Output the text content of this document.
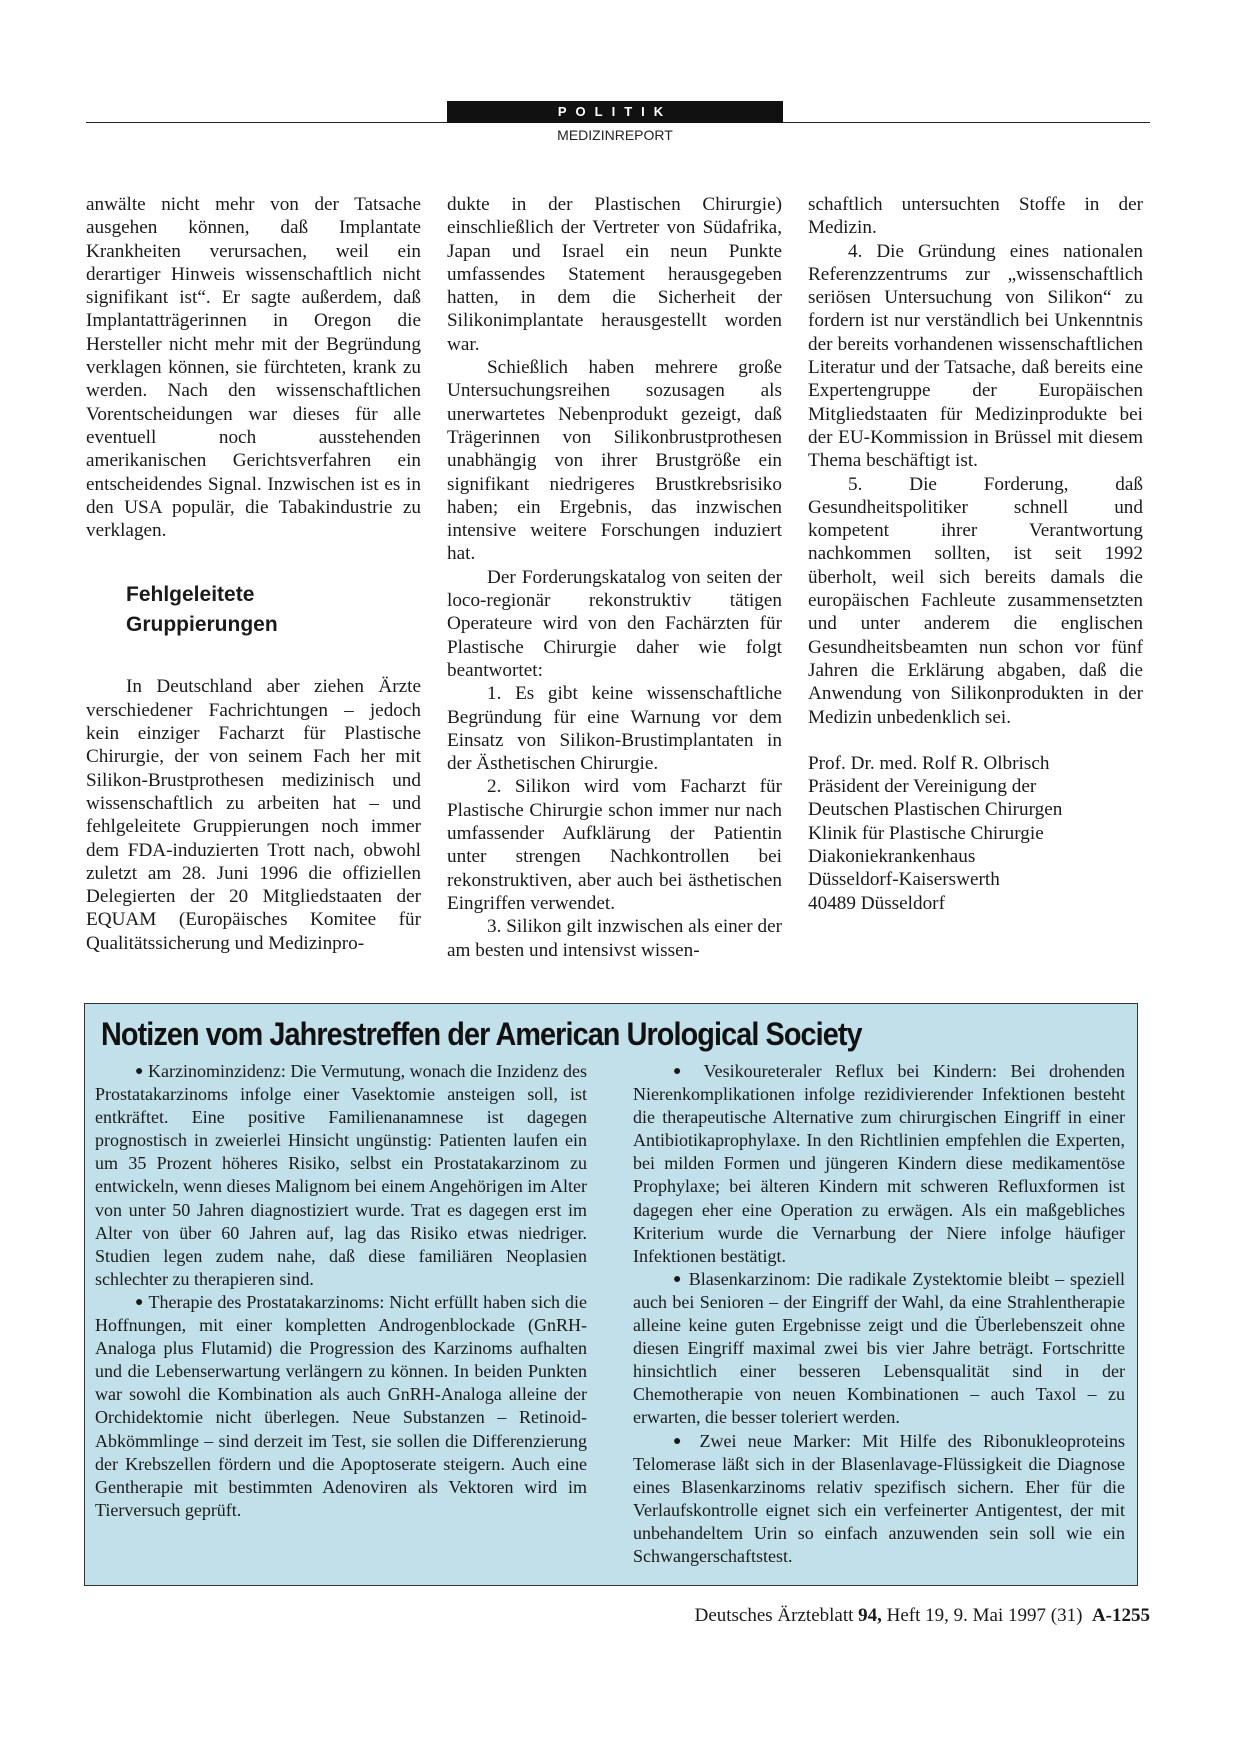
POLITIK
MEDIZINREPORT

anwälte nicht mehr von der Tatsache ausgehen können, daß Implantate Krankheiten verursachen, weil ein derartiger Hinweis wissenschaftlich nicht signifikant ist“. Er sagte außerdem, daß Implantatträgerinnen in Oregon die Hersteller nicht mehr mit der Begründung verklagen können, sie fürchteten, krank zu werden. Nach den wissenschaftlichen Vorentscheidungen war dieses für alle eventuell noch ausstehenden amerikanischen Gerichtsverfahren ein entscheidendes Signal. Inzwischen ist es in den USA populär, die Tabakindustrie zu verklagen.

Fehlgeleitete
Gruppierungen

In Deutschland aber ziehen Ärzte verschiedener Fachrichtungen – jedoch kein einziger Facharzt für Plastische Chirurgie, der von seinem Fach her mit Silikon-Brustprothesen medizinisch und wissenschaftlich zu arbeiten hat – und fehlgeleitete Gruppierungen noch immer dem FDA-induzierten Trott nach, obwohl zuletzt am 28. Juni 1996 die offiziellen Delegierten der 20 Mitgliedstaaten der EQUAM (Europäisches Komitee für Qualitätssicherung und Medizinpro-

dukte in der Plastischen Chirurgie) einschließlich der Vertreter von Südafrika, Japan und Israel ein neun Punkte umfassendes Statement herausgegeben hatten, in dem die Sicherheit der Silikonimplantate herausgestellt worden war.

Schießlich haben mehrere große Untersuchungsreihen sozusagen als unerwartetes Nebenprodukt gezeigt, daß Trägerinnen von Silikonbrustprothesen unabhängig von ihrer Brustgröße ein signifikant niedrigeres Brustkrebsrisiko haben; ein Ergebnis, das inzwischen intensive weitere Forschungen induziert hat.

Der Forderungskatalog von seiten der loco-regionär rekonstruktiv tätigen Operateure wird von den Fachärzten für Plastische Chirurgie daher wie folgt beantwortet:

1. Es gibt keine wissenschaftliche Begründung für eine Warnung vor dem Einsatz von Silikon-Brustimplantaten in der Ästhetischen Chirurgie.

2. Silikon wird vom Facharzt für Plastische Chirurgie schon immer nur nach umfassender Aufklärung der Patientin unter strengen Nachkontrollen bei rekonstruktiven, aber auch bei ästhetischen Eingriffen verwendet.

3. Silikon gilt inzwischen als einer der am besten und intensivst wissen-

schaftlich untersuchten Stoffe in der Medizin.

4. Die Gründung eines nationalen Referenzzentrums zur „wissenschaftlich seriösen Untersuchung von Silikon“ zu fordern ist nur verständlich bei Unkenntnis der bereits vorhandenen wissenschaftlichen Literatur und der Tatsache, daß bereits eine Expertengruppe der Europäischen Mitgliedstaaten für Medizinprodukte bei der EU-Kommission in Brüssel mit diesem Thema beschäftigt ist.

5. Die Forderung, daß Gesundheitspolitiker schnell und kompetent ihrer Verantwortung nachkommen sollten, ist seit 1992 überholt, weil sich bereits damals die europäischen Fachleute zusammensetzten und unter anderem die englischen Gesundheitsbeamten nun schon vor fünf Jahren die Erklärung abgaben, daß die Anwendung von Silikonprodukten in der Medizin unbedenklich sei.

Prof. Dr. med. Rolf R. Olbrisch
Präsident der Vereinigung der
Deutschen Plastischen Chirurgen
Klinik für Plastische Chirurgie
Diakoniekrankenhaus
Düsseldorf-Kaiserswerth
40489 Düsseldorf
Notizen vom Jahrestreffen der American Urological Society

● Karzinominzidenz: Die Vermutung, wonach die Inzidenz des Prostatakarzinoms infolge einer Vasektomie ansteigen soll, ist entkräftet. Eine positive Familienanamnese ist dagegen prognostisch in zweierlei Hinsicht ungünstig: Patienten laufen ein um 35 Prozent höheres Risiko, selbst ein Prostatakarzinom zu entwickeln, wenn dieses Malignom bei einem Angehörigen im Alter von unter 50 Jahren diagnostiziert wurde. Trat es dagegen erst im Alter von über 60 Jahren auf, lag das Risiko etwas niedriger. Studien legen zudem nahe, daß diese familiären Neoplasien schlechter zu therapieren sind.

● Therapie des Prostatakarzinoms: Nicht erfüllt haben sich die Hoffnungen, mit einer kompletten Androgenblockade (GnRH-Analoga plus Flutamid) die Progression des Karzinoms aufhalten und die Lebenserwartung verlängern zu können. In beiden Punkten war sowohl die Kombination als auch GnRH-Analoga alleine der Orchidektomie nicht überlegen. Neue Substanzen – Retinoid-Abkömmlinge – sind derzeit im Test, sie sollen die Differenzierung der Krebszellen fördern und die Apoptoserate steigern. Auch eine Gentherapie mit bestimmten Adenoviren als Vektoren wird im Tierversuch geprüft.

● Vesikoureteraler Reflux bei Kindern: Bei drohenden Nierenkomplikationen infolge rezidivierender Infektionen besteht die therapeutische Alternative zum chirurgischen Eingriff in einer Antibiotikaprophylaxe. In den Richtlinien empfehlen die Experten, bei milden Formen und jüngeren Kindern diese medikamentöse Prophylaxe; bei älteren Kindern mit schweren Refluxformen ist dagegen eher eine Operation zu erwägen. Als ein maßgebliches Kriterium wurde die Vernarbung der Niere infolge häufiger Infektionen bestätigt.

● Blasenkarzinom: Die radikale Zystektomie bleibt – speziell auch bei Senioren – der Eingriff der Wahl, da eine Strahlentherapie alleine keine guten Ergebnisse zeigt und die Überlebenszeit ohne diesen Eingriff maximal zwei bis vier Jahre beträgt. Fortschritte hinsichtlich einer besseren Lebensqualität sind in der Chemotherapie von neuen Kombinationen – auch Taxol – zu erwarten, die besser toleriert werden.

● Zwei neue Marker: Mit Hilfe des Ribonukleoproteins Telomerase läßt sich in der Blasenlavage-Flüssigkeit die Diagnose eines Blasenkarzinoms relativ spezifisch sichern. Eher für die Verlaufskontrolle eignet sich ein verfeinerter Antigentest, der mit unbehandeltem Urin so einfach anzuwenden sein soll wie ein Schwangerschaftstest.

Deutsches Ärzteblatt 94, Heft 19, 9. Mai 1997 (31) A-1255
